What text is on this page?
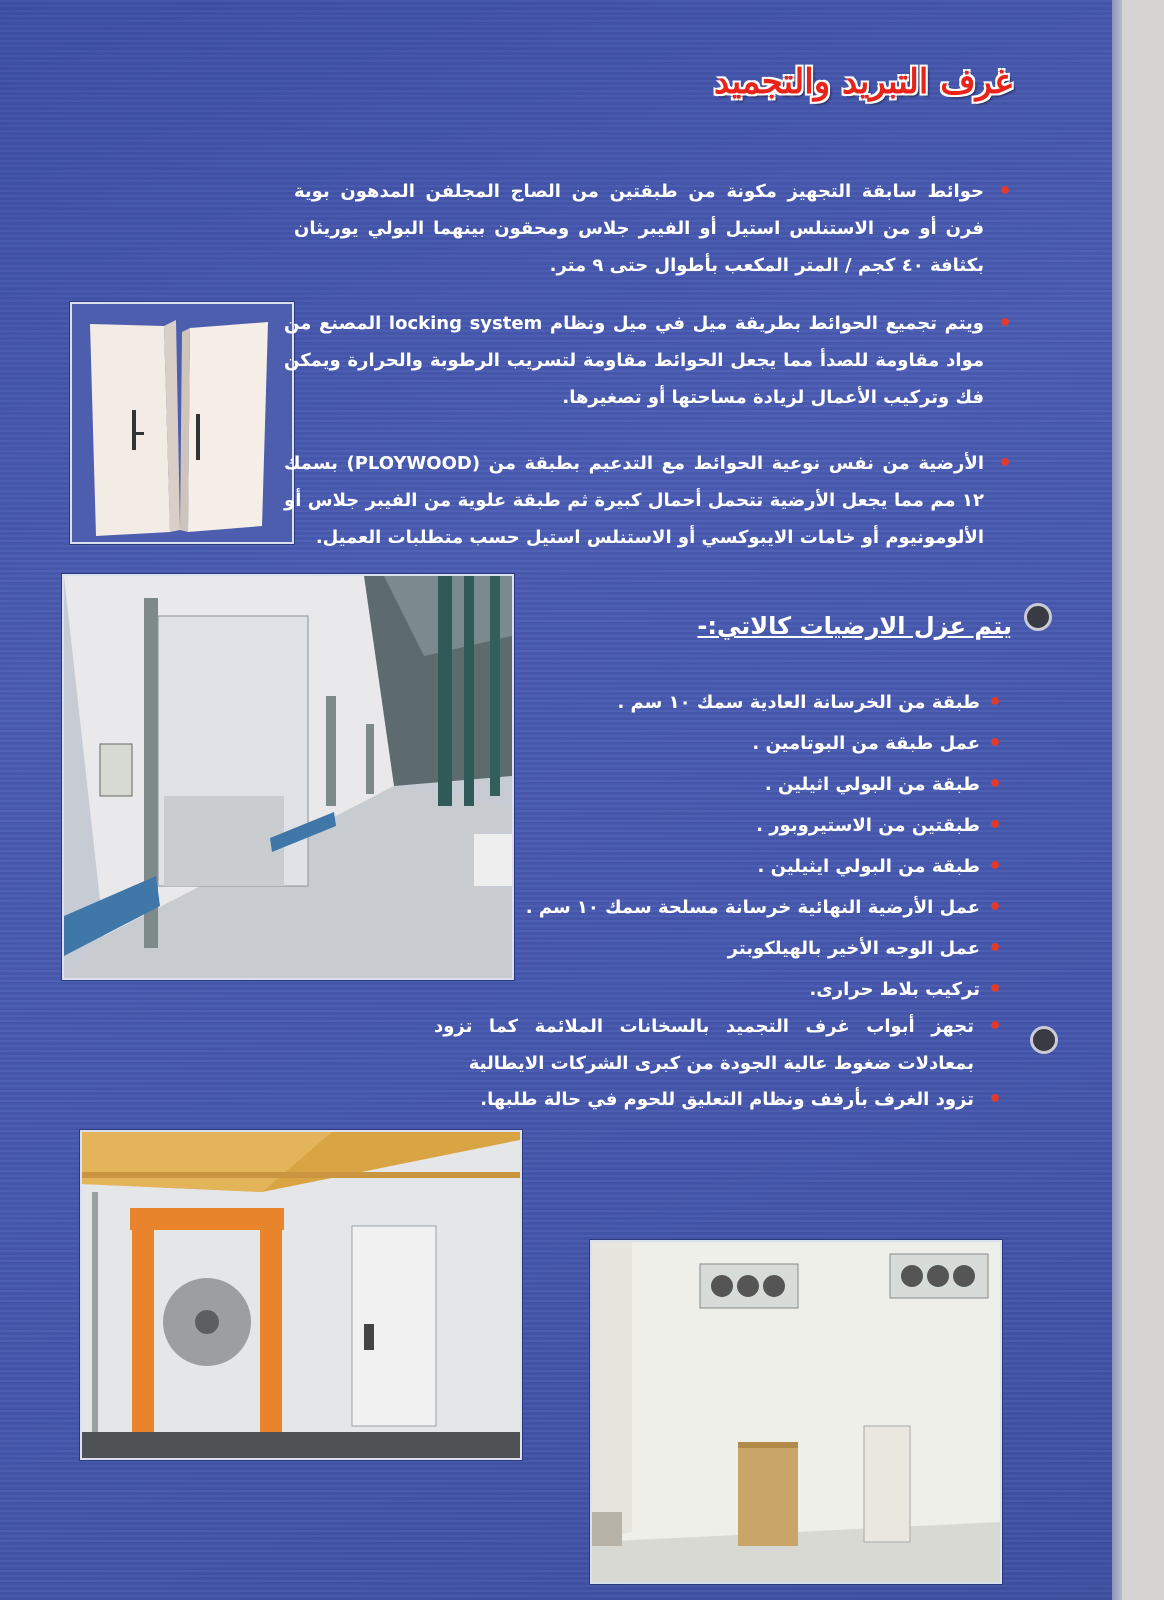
غرف التبريد والتجميد

• حوائط سابقة التجهيز مكونة من طبقتين من الصاج المجلفن المدهون بوية فرن أو من الاستنلس استيل أو الفيبر جلاس ومحقون بينهما البولي يوريثان بكثافة ٤٠ كجم / المتر المكعب بأطوال حتى ٩ متر.

• ويتم تجميع الحوائط بطريقة ميل في ميل ونظام locking system المصنع من مواد مقاومة للصدأ مما يجعل الحوائط مقاومة لتسريب الرطوبة والحرارة ويمكن فك وتركيب الأعمال لزيادة مساحتها أو تصغيرها.

• الأرضية من نفس نوعية الحوائط مع التدعيم بطبقة من (PLOYWOOD) بسمك ١٢ مم مما يجعل الأرضية تتحمل أحمال كبيرة ثم طبقة علوية من الفيبر جلاس أو الألومونيوم أو خامات الايبوكسي أو الاستنلس استيل حسب متطلبات العميل.

يتم عزل الارضيات كالاتي:-
• طبقة من الخرسانة العادية سمك ١٠ سم .
• عمل طبقة من البوتامين .
• طبقة من البولي اثيلين .
• طبقتين من الاستيروبور .
• طبقة من البولي ايثيلين .
• عمل الأرضية النهائية خرسانة مسلحة سمك ١٠ سم .
• عمل الوجه الأخير بالهيلكوبتر
• تركيب بلاط حرارى.

• تجهز أبواب غرف التجميد بالسخانات الملائمة كما تزود بمعادلات ضغوط عالية الجودة من كبرى الشركات الايطالية

• تزود الغرف بأرفف ونظام التعليق للحوم في حالة طلبها.
